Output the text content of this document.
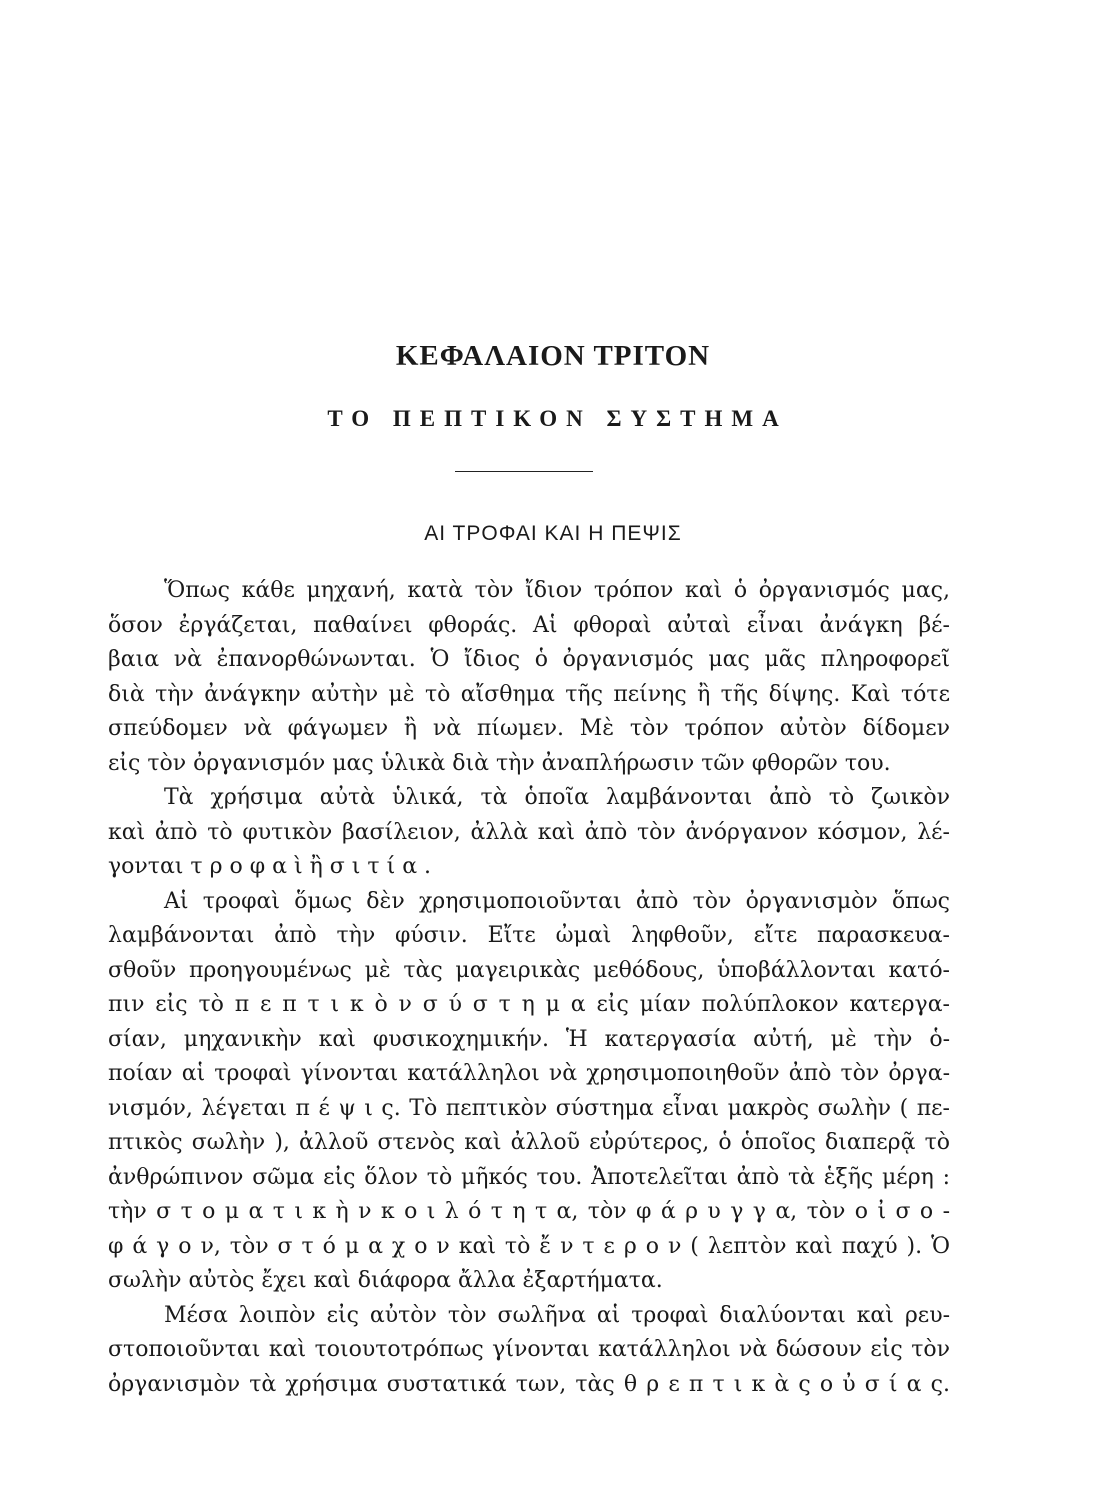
ΚΕΦΑΛΑΙΟΝ ΤΡΙΤΟΝ
ΤΟ ΠΕΠΤΙΚΟΝ ΣΥΣΤΗΜΑ
ΑΙ ΤΡΟΦΑΙ ΚΑΙ Η ΠΕΨΙΣ
Ὅπως κάθε μηχανή, κατὰ τὸν ἴδιον τρόπον καὶ ὁ ὀργανισμός μας,
ὅσον ἐργάζεται, παθαίνει φθοράς. Αἱ φθοραὶ αὐταὶ εἶναι ἀνάγκη βέ-
βαια νὰ ἐπανορθώνωνται. Ὁ ἴδιος ὁ ὀργανισμός μας μᾶς πληροφορεῖ
διὰ τὴν ἀνάγκην αὐτὴν μὲ τὸ αἴσθημα τῆς πείνης ἢ τῆς δίψης. Καὶ τότε
σπεύδομεν νὰ φάγωμεν ἢ νὰ πίωμεν. Μὲ τὸν τρόπον αὐτὸν δίδομεν
εἰς τὸν ὀργανισμόν μας ὑλικὰ διὰ τὴν ἀναπλήρωσιν τῶν φθορῶν του.
Τὰ χρήσιμα αὐτὰ ὑλικά, τὰ ὁποῖα λαμβάνονται ἀπὸ τὸ ζωικὸν
καὶ ἀπὸ τὸ φυτικὸν βασίλειον, ἀλλὰ καὶ ἀπὸ τὸν ἀνόργανον κόσμον, λέ-
γονται τ ρ ο φ α ὶ ἢ σ ι τ ί α .
Αἱ τροφαὶ ὅμως δὲν χρησιμοποιοῦνται ἀπὸ τὸν ὀργανισμὸν ὅπως
λαμβάνονται ἀπὸ τὴν φύσιν. Εἴτε ὠμαὶ ληφθοῦν, εἴτε παρασκευα-
σθοῦν προηγουμένως μὲ τὰς μαγειρικὰς μεθόδους, ὑποβάλλονται κατό-
πιν εἰς τὸ π ε π τ ι κ ὸ ν σ ύ σ τ η μ α εἰς μίαν πολύπλοκον κατεργα-
σίαν, μηχανικὴν καὶ φυσικοχημικήν. Ἡ κατεργασία αὐτή, μὲ τὴν ὁ-
ποίαν αἱ τροφαὶ γίνονται κατάλληλοι νὰ χρησιμοποιηθοῦν ἀπὸ τὸν ὀργα-
νισμόν, λέγεται π έ ψ ι ς. Τὸ πεπτικὸν σύστημα εἶναι μακρὸς σωλὴν ( πε-
πτικὸς σωλὴν ), ἀλλοῦ στενὸς καὶ ἀλλοῦ εὐρύτερος, ὁ ὁποῖος διαπερᾷ τὸ
ἀνθρώπινον σῶμα εἰς ὅλον τὸ μῆκός του. Ἀποτελεῖται ἀπὸ τὰ ἑξῆς μέρη :
τὴν σ τ ο μ α τ ι κ ὴ ν κ ο ι λ ό τ η τ α, τὸν φ ά ρ υ γ γ α, τὸν ο ἰ σ ο -
φ ά γ ο ν, τὸν σ τ ό μ α χ ο ν καὶ τὸ ἔ ν τ ε ρ ο ν ( λεπτὸν καὶ παχύ ). Ὁ
σωλὴν αὐτὸς ἔχει καὶ διάφορα ἄλλα ἐξαρτήματα.
Μέσα λοιπὸν εἰς αὐτὸν τὸν σωλῆνα αἱ τροφαὶ διαλύονται καὶ ρευ-
στοποιοῦνται καὶ τοιουτοτρόπως γίνονται κατάλληλοι νὰ δώσουν εἰς τὸν
ὀργανισμὸν τὰ χρήσιμα συστατικά των, τὰς θ ρ ε π τ ι κ ὰ ς ο ὐ σ ί α ς.
